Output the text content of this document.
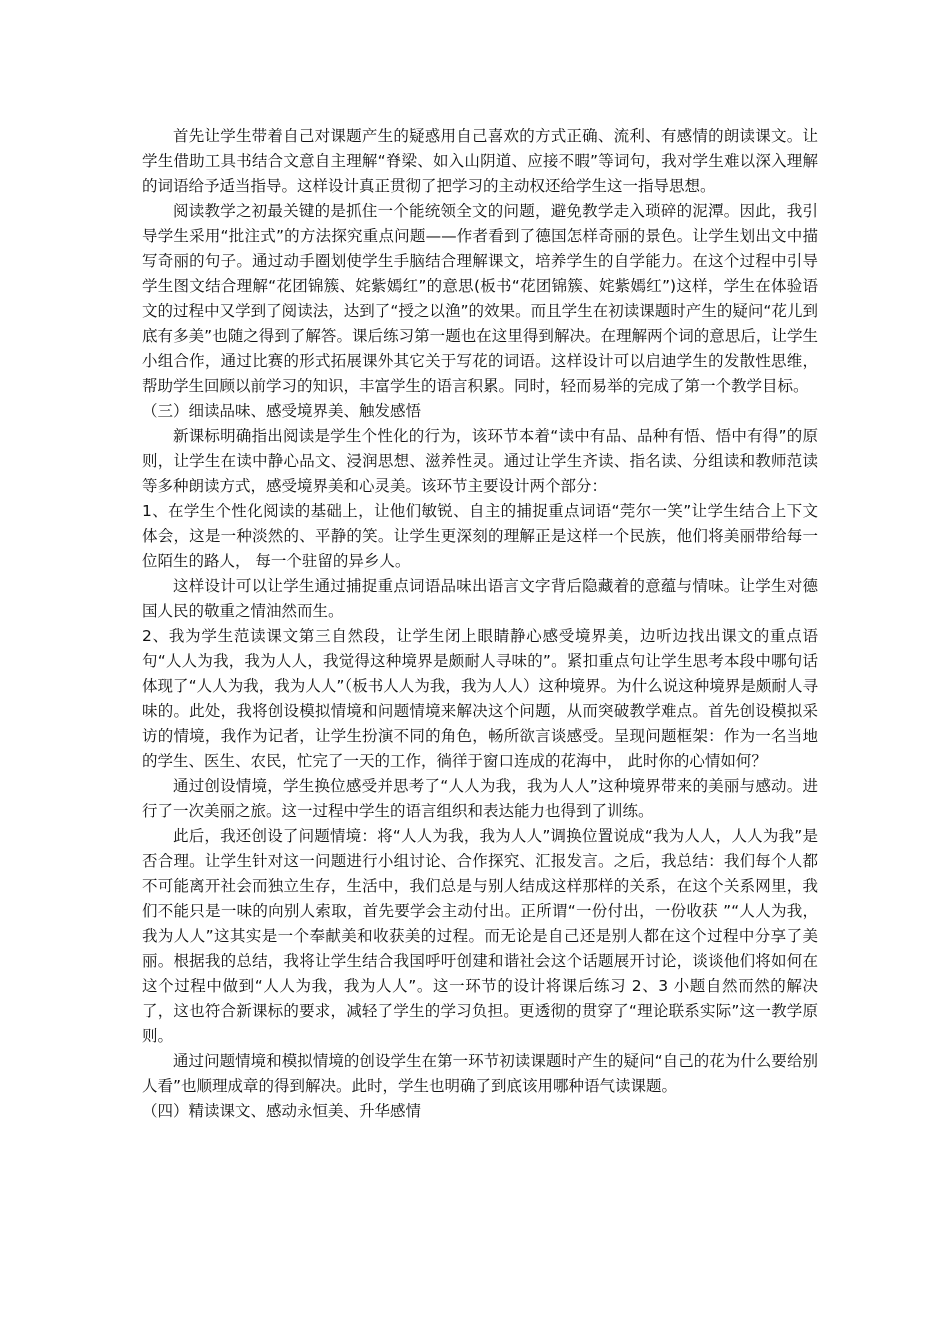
首先让学生带着自己对课题产生的疑惑用自己喜欢的方式正确、流利、有感情的朗读课文。让学生借助工具书结合文意自主理解“脊梁、如入山阴道、应接不暇”等词句，我对学生难以深入理解的词语给予适当指导。这样设计真正贯彻了把学习的主动权还给学生这一指导思想。

阅读教学之初最关键的是抓住一个能统领全文的问题，避免教学走入琐碎的泥潭。因此，我引导学生采用“批注式”的方法探究重点问题——作者看到了德国怎样奇丽的景色。让学生划出文中描写奇丽的句子。通过动手圈划使学生手脑结合理解课文，培养学生的自学能力。在这个过程中引导学生图文结合理解“花团锦簇、姹紫嫣红”的意思(板书“花团锦簇、姹紫嫣红”)这样，学生在体验语文的过程中又学到了阅读法，达到了“授之以渔”的效果。而且学生在初读课题时产生的疑问“花儿到底有多美”也随之得到了解答。课后练习第一题也在这里得到解决。在理解两个词的意思后，让学生小组合作，通过比赛的形式拓展课外其它关于写花的词语。这样设计可以启迪学生的发散性思维，帮助学生回顾以前学习的知识，丰富学生的语言积累。同时，轻而易举的完成了第一个教学目标。

（三）细读品味、感受境界美、触发感悟

新课标明确指出阅读是学生个性化的行为，该环节本着“读中有品、品种有悟、悟中有得”的原则，让学生在读中静心品文、浸润思想、滋养性灵。通过让学生齐读、指名读、分组读和教师范读等多种朗读方式，感受境界美和心灵美。该环节主要设计两个部分：

1、在学生个性化阅读的基础上，让他们敏锐、自主的捕捉重点词语“莞尔一笑”让学生结合上下文体会，这是一种淡然的、平静的笑。让学生更深刻的理解正是这样一个民族，他们将美丽带给每一位陌生的路人， 每一个驻留的异乡人。

这样设计可以让学生通过捕捉重点词语品味出语言文字背后隐藏着的意蕴与情味。让学生对德国人民的敬重之情油然而生。

2、我为学生范读课文第三自然段，让学生闭上眼睛静心感受境界美，边听边找出课文的重点语句“人人为我，我为人人，我觉得这种境界是颇耐人寻味的”。紧扣重点句让学生思考本段中哪句话体现了“人人为我，我为人人”（板书人人为我，我为人人）这种境界。为什么说这种境界是颇耐人寻味的。此处，我将创设模拟情境和问题情境来解决这个问题，从而突破教学难点。首先创设模拟采访的情境，我作为记者，让学生扮演不同的角色，畅所欲言谈感受。呈现问题框架：作为一名当地的学生、医生、农民，忙完了一天的工作，徜徉于窗口连成的花海中， 此时你的心情如何？

通过创设情境，学生换位感受并思考了“人人为我，我为人人”这种境界带来的美丽与感动。进行了一次美丽之旅。这一过程中学生的语言组织和表达能力也得到了训练。

此后，我还创设了问题情境：将“人人为我，我为人人”调换位置说成“我为人人，人人为我”是否合理。让学生针对这一问题进行小组讨论、合作探究、汇报发言。之后，我总结：我们每个人都不可能离开社会而独立生存，生活中，我们总是与别人结成这样那样的关系，在这个关系网里，我们不能只是一味的向别人索取，首先要学会主动付出。正所谓“一份付出，一份收获 ”“人人为我，我为人人”这其实是一个奉献美和收获美的过程。而无论是自己还是别人都在这个过程中分享了美丽。根据我的总结，我将让学生结合我国呼吁创建和谐社会这个话题展开讨论，谈谈他们将如何在这个过程中做到“人人为我，我为人人”。这一环节的设计将课后练习 2、3 小题自然而然的解决了，这也符合新课标的要求，减轻了学生的学习负担。更透彻的贯穿了“理论联系实际”这一教学原则。

通过问题情境和模拟情境的创设学生在第一环节初读课题时产生的疑问“自己的花为什么要给别人看”也顺理成章的得到解决。此时，学生也明确了到底该用哪种语气读课题。

（四）精读课文、感动永恒美、升华感情
